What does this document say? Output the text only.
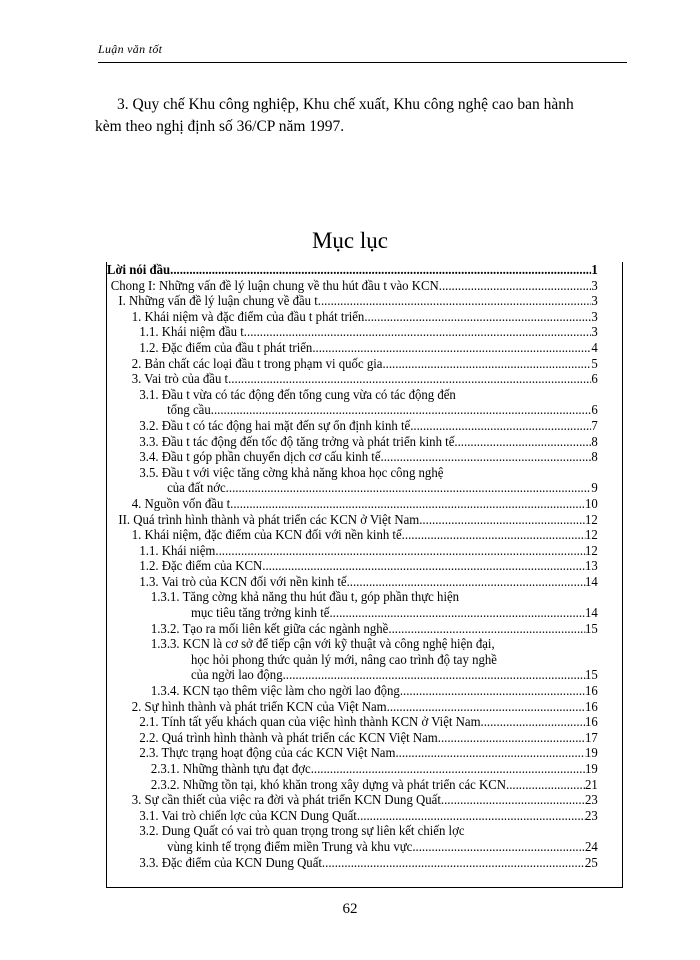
Luận văn tốt
3. Quy chế Khu công nghiệp, Khu chế xuất, Khu công nghệ cao ban hành
kèm theo nghị định số 36/CP năm 1997.
Mục lục
Lời nói đầu .....	1
Chong I: Những vấn đề lý luận chung về thu hút đầu t vào KCN .....	3
I. Những vấn đề lý luận chung về đầu t .....	3
1. Khái niệm và đặc điểm của đầu t phát triển .....	3
1.1. Khái niệm đầu t .....	3
1.2. Đặc điểm của đầu t phát triển .....	4
2. Bản chất các loại đầu t trong phạm vi quốc gia .....	5
3. Vai trò của đầu t .....	6
3.1. Đầu t vừa có tác động đến tổng cung vừa có tác động đến
tổng cầu .....	6
3.2. Đầu t có tác động hai mặt đến sự ổn định kinh tế .....	7
3.3. Đầu t tác động đến tốc độ tăng trởng và phát triển kinh tế .....	8
3.4. Đầu t góp phần chuyển dịch cơ cấu kinh tế .....	8
3.5. Đầu t với việc tăng cờng khả năng khoa học công nghệ
của đất nớc .....	9
4. Nguồn vốn đầu t .....	10
II. Quá trình hình thành và phát triển các KCN ở Việt Nam .....	12
1. Khái niệm, đặc điểm của KCN đối với nền kinh tế .....	12
1.1. Khái niệm .....	12
1.2. Đặc điểm của KCN .....	13
1.3. Vai trò của KCN đối với nền kinh tế .....	14
1.3.1. Tăng cờng khả năng thu hút đầu t, góp phần thực hiện
mục tiêu tăng trởng kinh tế .....	14
1.3.2. Tạo ra mối liên kết giữa các ngành nghề .....	15
1.3.3. KCN là cơ sở để tiếp cận với kỹ thuật và công nghệ hiện đại,
học hỏi phong thức quản lý mới, nâng cao trình độ tay nghề
của ngời lao động .....	15
1.3.4. KCN tạo thêm việc làm cho ngời lao động .....	16
2. Sự hình thành và phát triển KCN của Việt Nam .....	16
2.1. Tính tất yếu khách quan của việc hình thành KCN ở Việt Nam .....	16
2.2. Quá trình hình thành và phát triển các KCN Việt Nam .....	17
2.3. Thực trạng hoạt động của các KCN Việt Nam .....	19
2.3.1. Những thành tựu đạt đợc .....	19
2.3.2. Những tồn tại, khó khăn trong xây dựng và phát triển các KCN .....	21
3. Sự cần thiết của việc ra đời và phát triển KCN Dung Quất .....	23
3.1. Vai trò chiến lợc của KCN Dung Quất .....	23
3.2. Dung Quất có vai trò quan trọng trong sự liên kết chiến lợc
vùng kinh tế trọng điểm miền Trung và khu vực .....	24
3.3. Đặc điểm của KCN Dung Quất .....	25
62
